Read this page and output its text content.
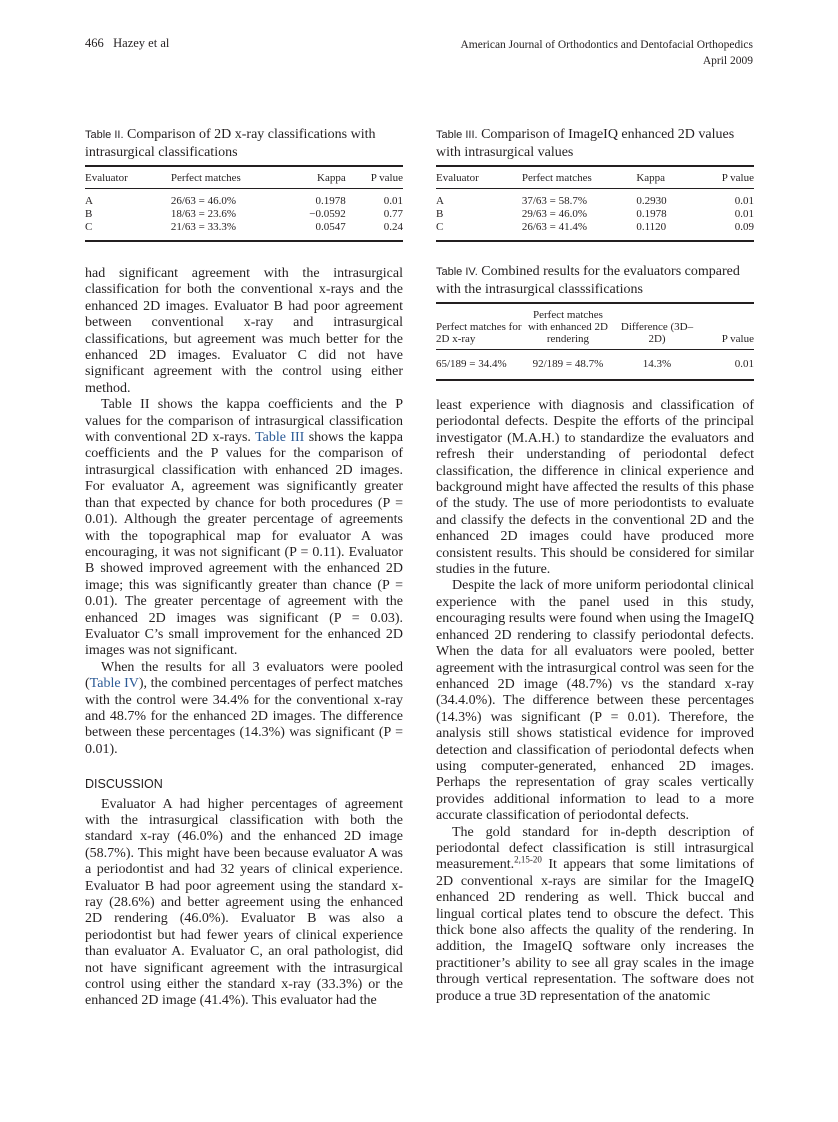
466 Hazey et al	American Journal of Orthodontics and Dentofacial Orthopedics
April 2009
Table II. Comparison of 2D x-ray classifications with intrasurgical classifications
Evaluator	Perfect matches	Kappa	P value
A	26/63 = 46.0%	0.1978	0.01
B	18/63 = 23.6%	−0.0592	0.77
C	21/63 = 33.3%	0.0547	0.24
Table III. Comparison of ImageIQ enhanced 2D values with intrasurgical values
Evaluator	Perfect matches	Kappa	P value
A	37/63 = 58.7%	0.2930	0.01
B	29/63 = 46.0%	0.1978	0.01
C	26/63 = 41.4%	0.1120	0.09
Table IV. Combined results for the evaluators compared with the intrasurgical classsifications
Perfect matches for 2D x-ray	Perfect matches with enhanced 2D rendering	Difference (3D–2D)	P value
65/189 = 34.4%	92/189 = 48.7%	14.3%	0.01

had significant agreement with the intrasurgical classification for both the conventional x-rays and the enhanced 2D images. Evaluator B had poor agreement between conventional x-ray and intrasurgical classifications, but agreement was much better for the enhanced 2D images. Evaluator C did not have significant agreement with the control using either method.

Table II shows the kappa coefficients and the P values for the comparison of intrasurgical classification with conventional 2D x-rays. Table III shows the kappa coefficients and the P values for the comparison of intrasurgical classification with enhanced 2D images. For evaluator A, agreement was significantly greater than that expected by chance for both procedures (P = 0.01). Although the greater percentage of agreements with the topographical map for evaluator A was encouraging, it was not significant (P = 0.11). Evaluator B showed improved agreement with the enhanced 2D image; this was significantly greater than chance (P = 0.01). The greater percentage of agreement with the enhanced 2D images was significant (P = 0.03). Evaluator C’s small improvement for the enhanced 2D images was not significant.

When the results for all 3 evaluators were pooled (Table IV), the combined percentages of perfect matches with the control were 34.4% for the conventional x-ray and 48.7% for the enhanced 2D images. The difference between these percentages (14.3%) was significant (P = 0.01).

DISCUSSION

Evaluator A had higher percentages of agreement with the intrasurgical classification with both the standard x-ray (46.0%) and the enhanced 2D image (58.7%). This might have been because evaluator A was a periodontist and had 32 years of clinical experience. Evaluator B had poor agreement using the standard x-ray (28.6%) and better agreement using the enhanced 2D rendering (46.0%). Evaluator B was also a periodontist but had fewer years of clinical experience than evaluator A. Evaluator C, an oral pathologist, did not have significant agreement with the intrasurgical control using either the standard x-ray (33.3%) or the enhanced 2D image (41.4%). This evaluator had the

least experience with diagnosis and classification of periodontal defects. Despite the efforts of the principal investigator (M.A.H.) to standardize the evaluators and refresh their understanding of periodontal defect classification, the difference in clinical experience and background might have affected the results of this phase of the study. The use of more periodontists to evaluate and classify the defects in the conventional 2D and the enhanced 2D images could have produced more consistent results. This should be considered for similar studies in the future.

Despite the lack of more uniform periodontal clinical experience with the panel used in this study, encouraging results were found when using the ImageIQ enhanced 2D rendering to classify periodontal defects. When the data for all evaluators were pooled, better agreement with the intrasurgical control was seen for the enhanced 2D image (48.7%) vs the standard x-ray (34.4.0%). The difference between these percentages (14.3%) was significant (P = 0.01). Therefore, the analysis still shows statistical evidence for improved detection and classification of periodontal defects when using computer-generated, enhanced 2D images. Perhaps the representation of gray scales vertically provides additional information to lead to a more accurate classification of periodontal defects.

The gold standard for in-depth description of periodontal defect classification is still intrasurgical measurement.$^{2,15-20}$ It appears that some limitations of 2D conventional x-rays are similar for the ImageIQ enhanced 2D rendering as well. Thick buccal and lingual cortical plates tend to obscure the defect. This thick bone also affects the quality of the rendering. In addition, the ImageIQ software only increases the practitioner’s ability to see all gray scales in the image through vertical representation. The software does not produce a true 3D representation of the anatomic
